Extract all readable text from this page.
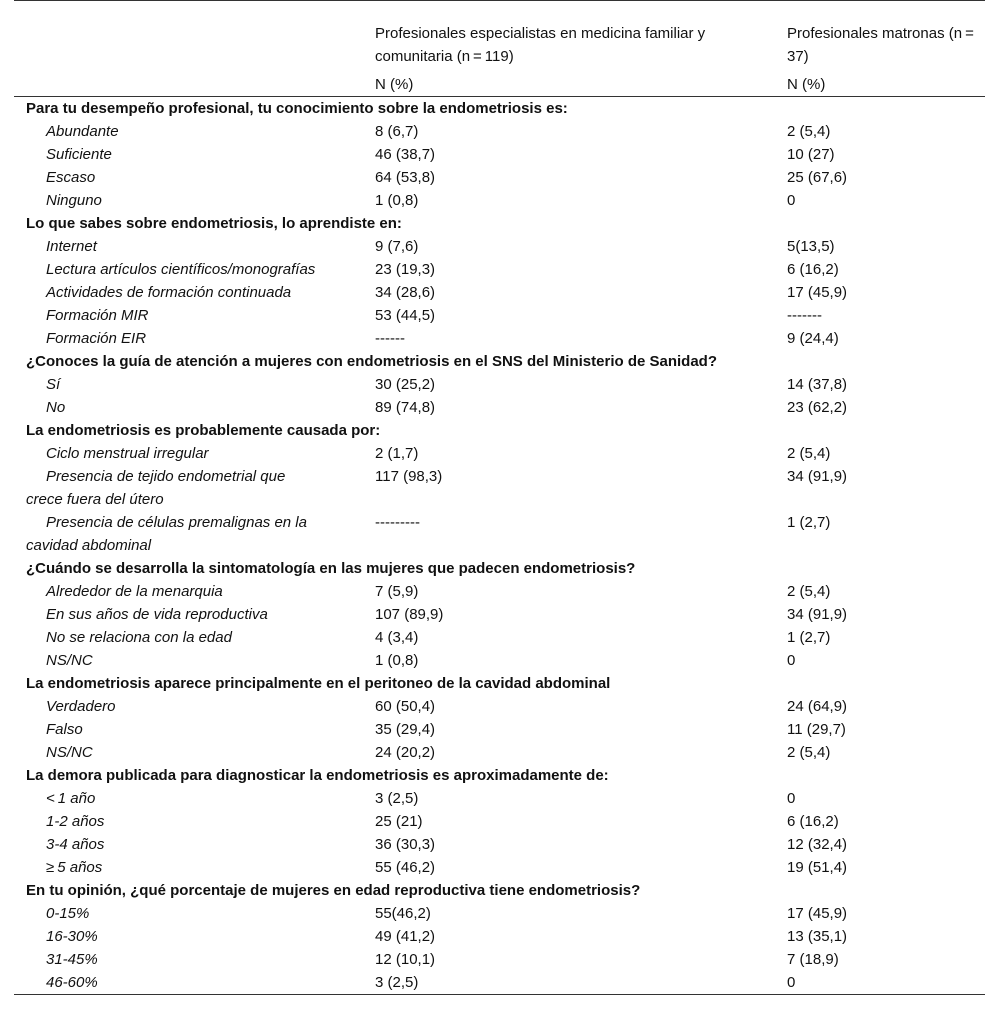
	Profesionales especialistas en medicina familiar y comunitaria (n = 119)	Profesionales matronas (n = 37)
	N (%)	N (%)
Para tu desempeño profesional, tu conocimiento sobre la endometriosis es:		
Abundante	8 (6,7)	2 (5,4)
Suficiente	46 (38,7)	10 (27)
Escaso	64 (53,8)	25 (67,6)
Ninguno	1 (0,8)	0
Lo que sabes sobre endometriosis, lo aprendiste en:		
Internet	9 (7,6)	5(13,5)
Lectura artículos científicos/monografías	23 (19,3)	6 (16,2)
Actividades de formación continuada	34 (28,6)	17 (45,9)
Formación MIR	53 (44,5)	-------
Formación EIR	------	9 (24,4)
¿Conoces la guía de atención a mujeres con endometriosis en el SNS del Ministerio de Sanidad?		
Sí	30 (25,2)	14 (37,8)
No	89 (74,8)	23 (62,2)
La endometriosis es probablemente causada por:		
Ciclo menstrual irregular	2 (1,7)	2 (5,4)

Presencia de tejido endometrial que
crece fuera del útero	117 (98,3)	34 (91,9)

Presencia de células premalignas en la
cavidad abdominal	---------	1 (2,7)
¿Cuándo se desarrolla la sintomatología en las mujeres que padecen endometriosis?		
Alrededor de la menarquia	7 (5,9)	2 (5,4)
En sus años de vida reproductiva	107 (89,9)	34 (91,9)
No se relaciona con la edad	4 (3,4)	1 (2,7)
NS/NC	1 (0,8)	0
La endometriosis aparece principalmente en el peritoneo de la cavidad abdominal		
Verdadero	60 (50,4)	24 (64,9)
Falso	35 (29,4)	11 (29,7)
NS/NC	24 (20,2)	2 (5,4)
La demora publicada para diagnosticar la endometriosis es aproximadamente de:		
< 1 año	3 (2,5)	0
1-2 años	25 (21)	6 (16,2)
3-4 años	36 (30,3)	12 (32,4)
≥ 5 años	55 (46,2)	19 (51,4)
En tu opinión, ¿qué porcentaje de mujeres en edad reproductiva tiene endometriosis?		
0-15%	55(46,2)	17 (45,9)
16-30%	49 (41,2)	13 (35,1)
31-45%	12 (10,1)	7 (18,9)
46-60%	3 (2,5)	0
